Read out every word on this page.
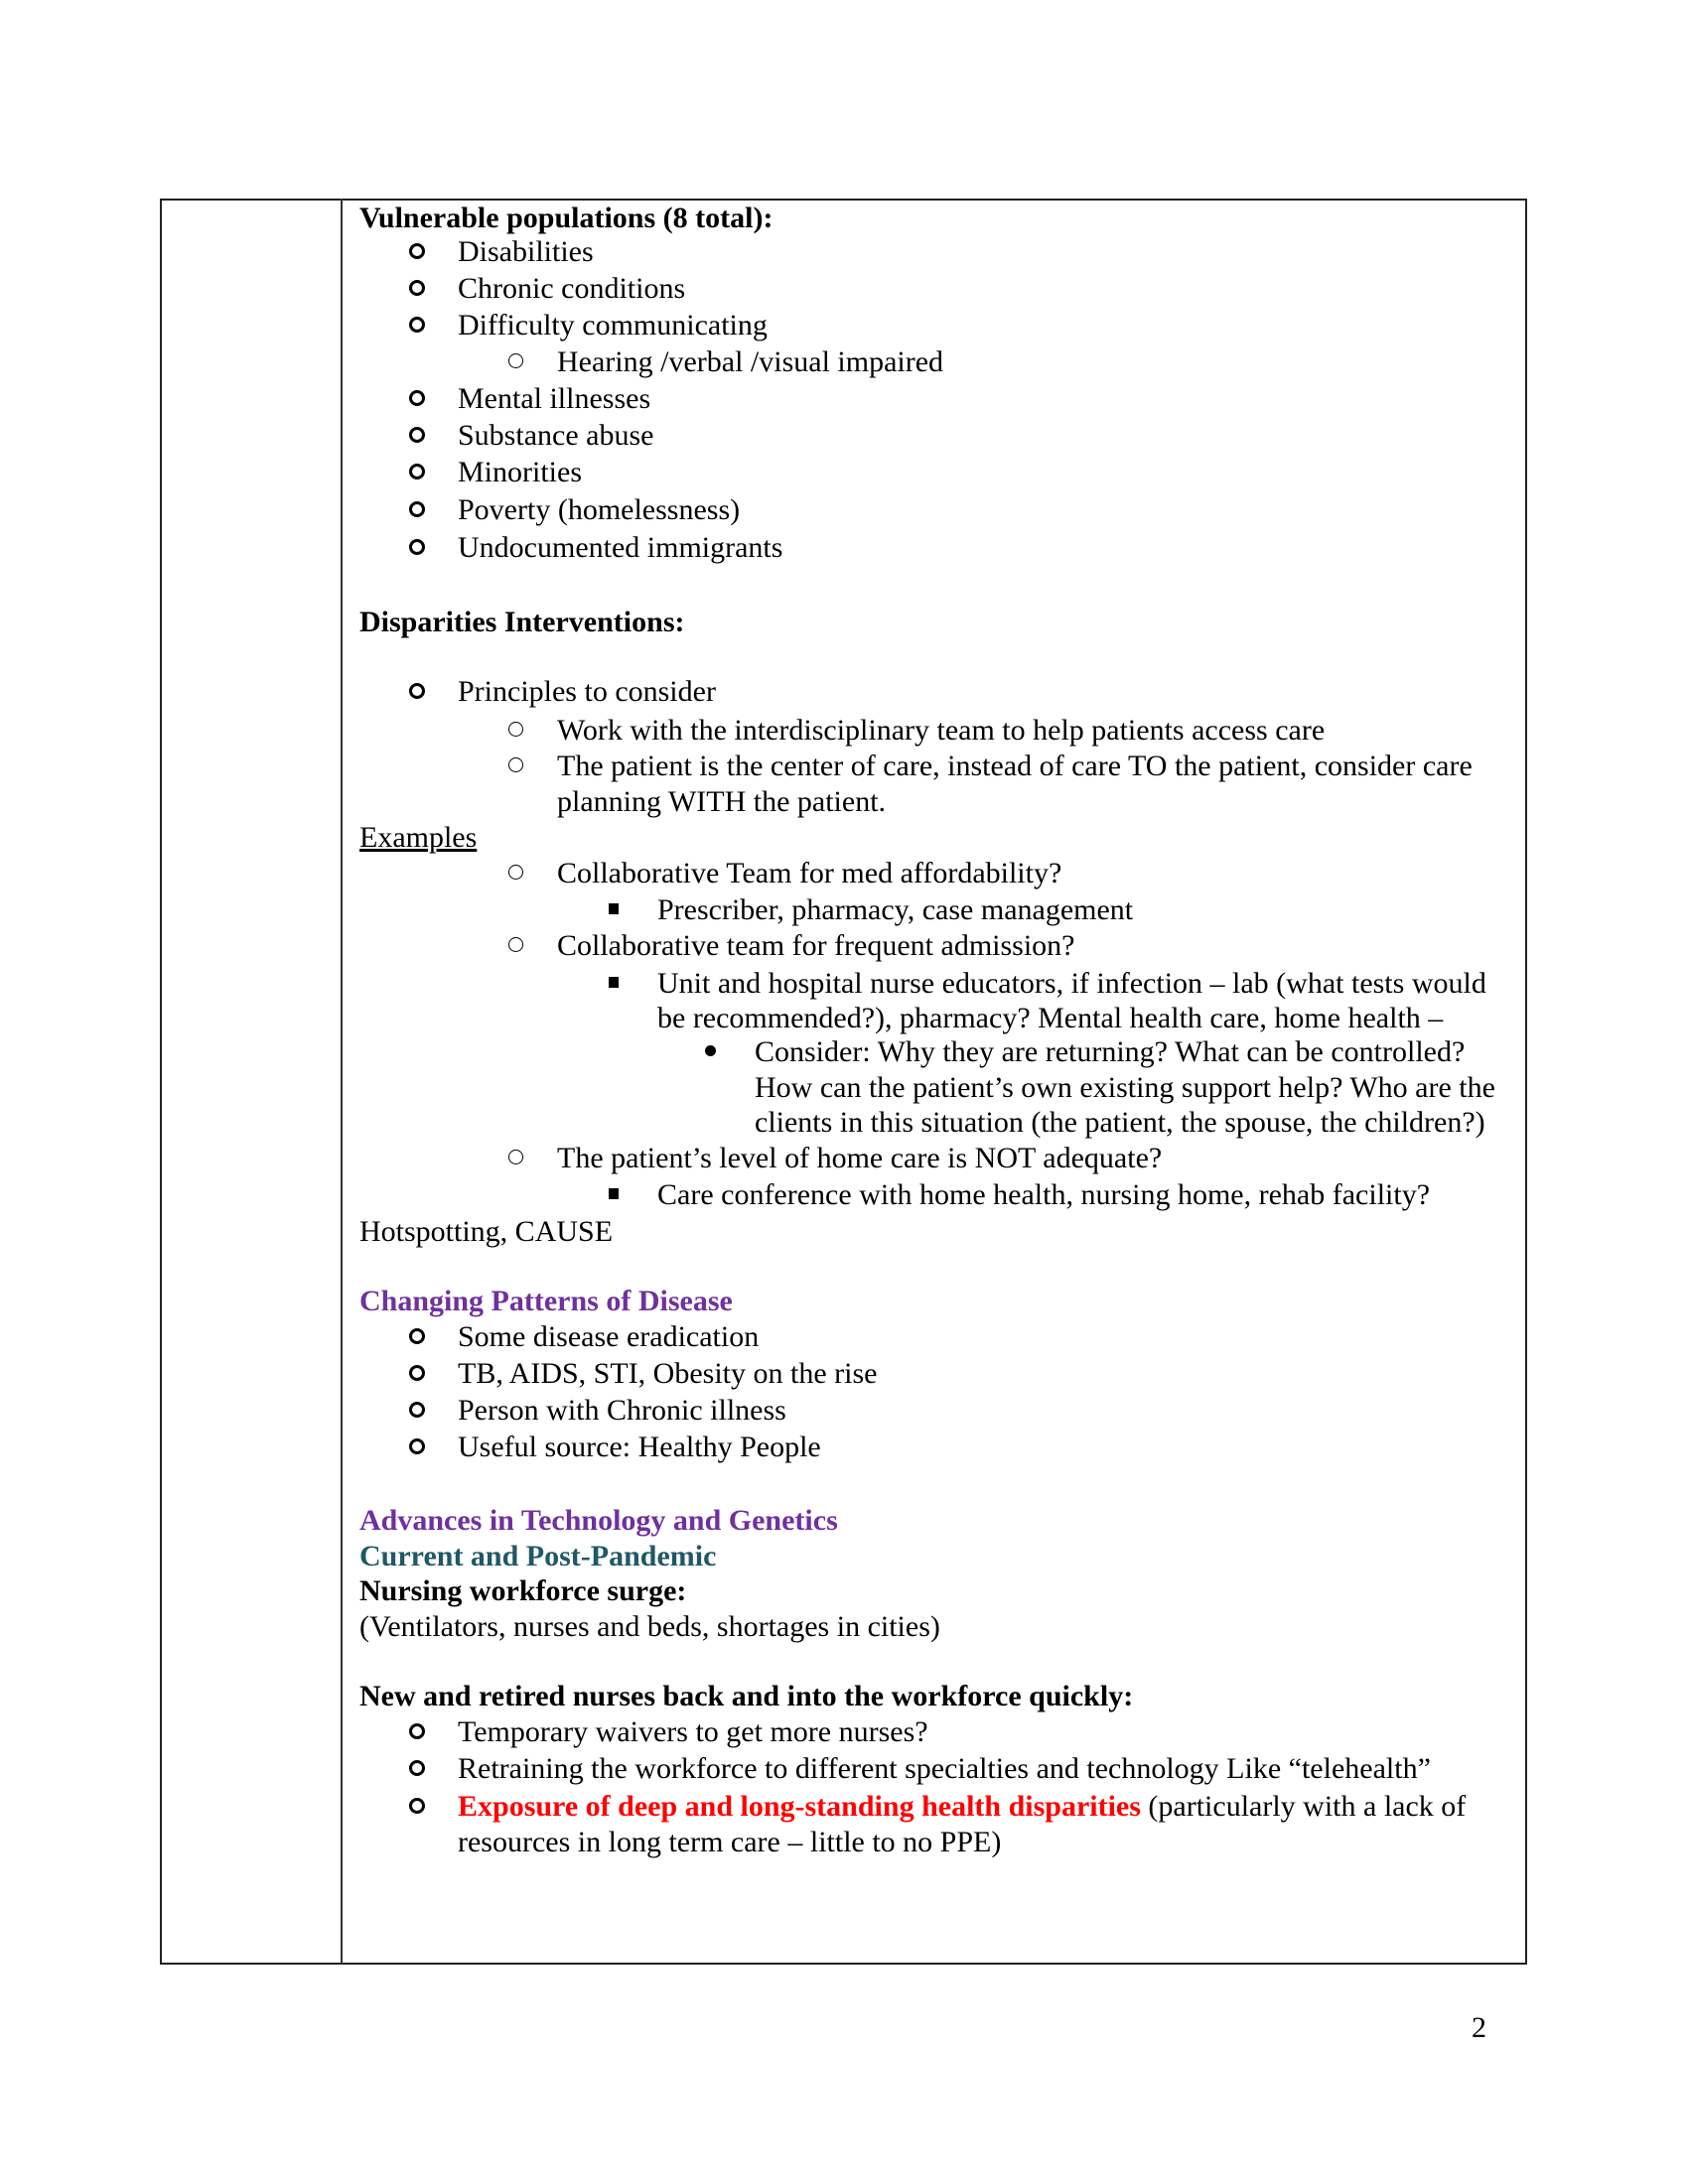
Vulnerable populations (8 total):
Disabilities
Chronic conditions
Difficulty communicating
Hearing /verbal /visual impaired
Mental illnesses
Substance abuse
Minorities
Poverty (homelessness)
Undocumented immigrants
Disparities Interventions:
Principles to consider
Work with the interdisciplinary team to help patients access care
The patient is the center of care, instead of care TO the patient, consider care
planning WITH the patient.
Examples
Collaborative Team for med affordability?
Prescriber, pharmacy, case management
Collaborative team for frequent admission?
Unit and hospital nurse educators, if infection – lab (what tests would
be recommended?), pharmacy? Mental health care, home health –
Consider: Why they are returning? What can be controlled?
How can the patient’s own existing support help? Who are the
clients in this situation (the patient, the spouse, the children?)
The patient’s level of home care is NOT adequate?
Care conference with home health, nursing home, rehab facility?
Hotspotting, CAUSE
Changing Patterns of Disease
Some disease eradication
TB, AIDS, STI, Obesity on the rise
Person with Chronic illness
Useful source: Healthy People
Advances in Technology and Genetics
Current and Post-Pandemic
Nursing workforce surge:
(Ventilators, nurses and beds, shortages in cities)
New and retired nurses back and into the workforce quickly:
Temporary waivers to get more nurses?
Retraining the workforce to different specialties and technology Like “telehealth”
Exposure of deep and long-standing health disparities (particularly with a lack of
resources in long term care – little to no PPE)
2
